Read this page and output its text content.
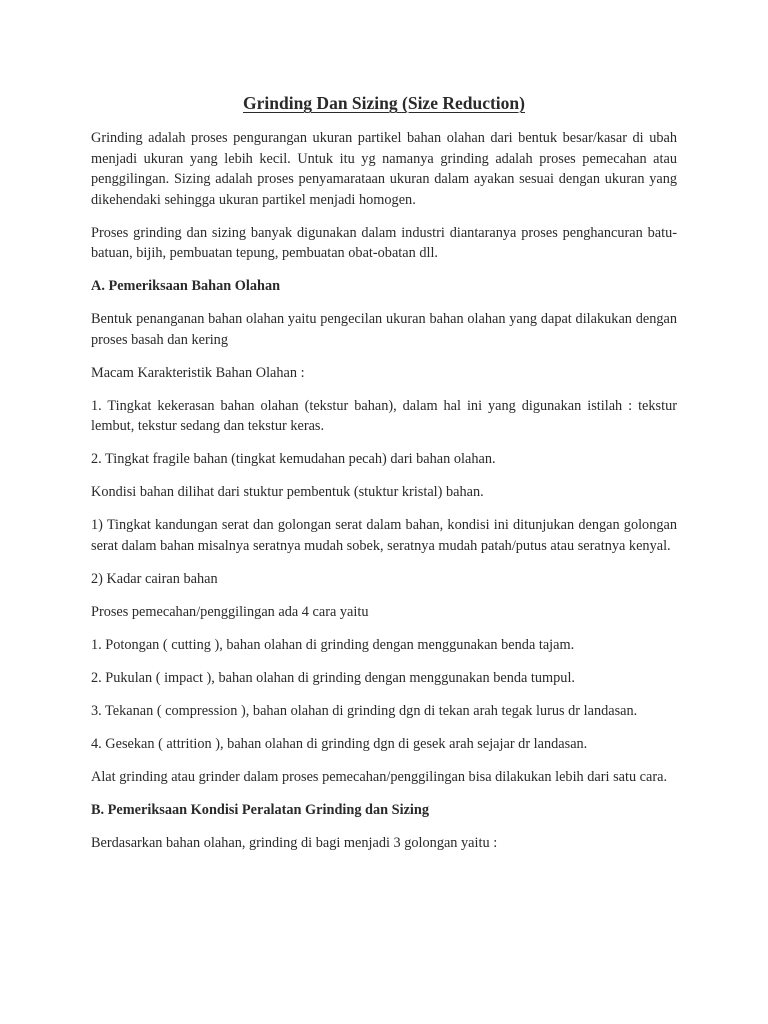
Grinding Dan Sizing (Size Reduction)

Grinding adalah proses pengurangan ukuran partikel bahan olahan dari bentuk besar/kasar di ubah menjadi ukuran yang lebih kecil. Untuk itu yg namanya grinding adalah proses pemecahan atau penggilingan. Sizing adalah proses penyamarataan ukuran dalam ayakan sesuai dengan ukuran yang dikehendaki sehingga ukuran partikel menjadi homogen.

Proses grinding dan sizing banyak digunakan dalam industri diantaranya proses penghancuran batu-batuan, bijih, pembuatan tepung, pembuatan obat-obatan dll.

A. Pemeriksaan Bahan Olahan

Bentuk penanganan bahan olahan yaitu pengecilan ukuran bahan olahan yang dapat dilakukan dengan proses basah dan kering

Macam Karakteristik Bahan Olahan :

1. Tingkat kekerasan bahan olahan (tekstur bahan), dalam hal ini yang digunakan istilah : tekstur lembut, tekstur sedang dan tekstur keras.

2. Tingkat fragile bahan (tingkat kemudahan pecah) dari bahan olahan.

Kondisi bahan dilihat dari stuktur pembentuk (stuktur kristal) bahan.

1) Tingkat kandungan serat dan golongan serat dalam bahan, kondisi ini ditunjukan dengan golongan serat dalam bahan misalnya seratnya mudah sobek, seratnya mudah patah/putus atau seratnya kenyal.

2) Kadar cairan bahan

Proses pemecahan/penggilingan ada 4 cara yaitu

1. Potongan ( cutting ), bahan olahan di grinding dengan menggunakan benda tajam.

2. Pukulan ( impact ), bahan olahan di grinding dengan menggunakan benda tumpul.

3. Tekanan ( compression ), bahan olahan di grinding dgn di tekan arah tegak lurus dr landasan.

4. Gesekan ( attrition ), bahan olahan di grinding dgn di gesek arah sejajar dr landasan.

Alat grinding atau grinder dalam proses pemecahan/penggilingan bisa dilakukan lebih dari satu cara.

B. Pemeriksaan Kondisi Peralatan Grinding dan Sizing

Berdasarkan bahan olahan, grinding di bagi menjadi 3 golongan yaitu :
